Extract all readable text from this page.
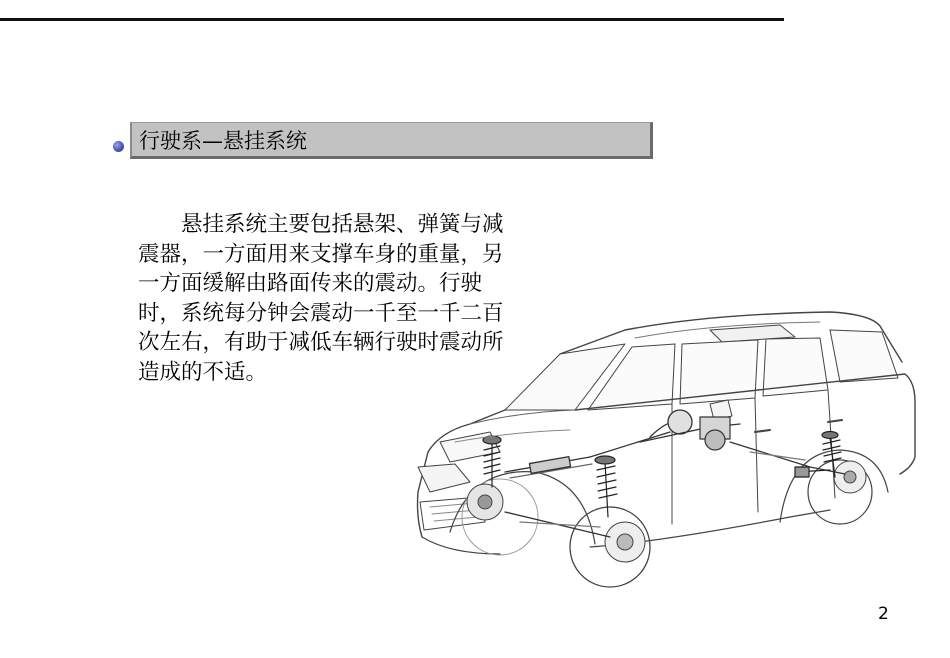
行驶系—悬挂系统

悬挂系统主要包括悬架、弹簧与减
震器，一方面用来支撑车身的重量，另
一方面缓解由路面传来的震动。行驶
时，系统每分钟会震动一千至一千二百
次左右，有助于减低车辆行驶时震动所
造成的不适。

2
